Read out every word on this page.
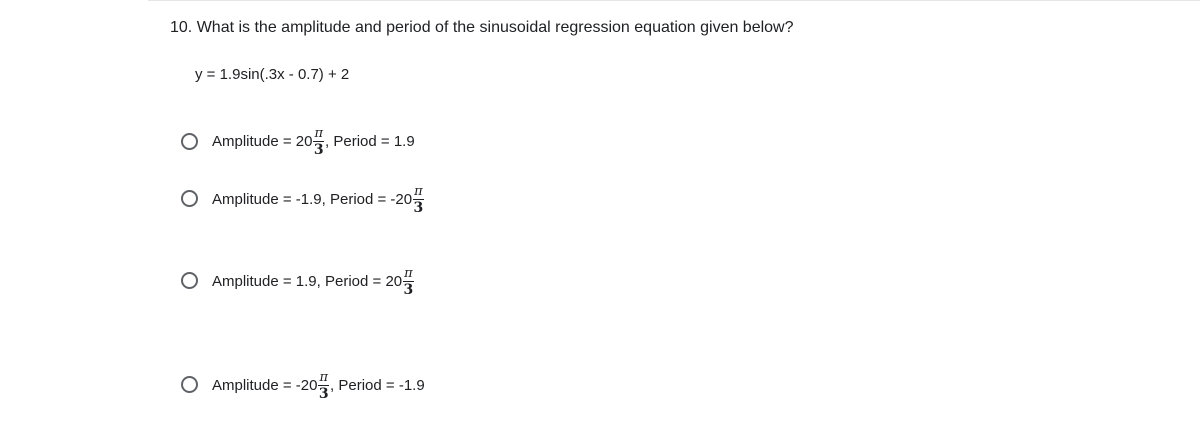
10. What is the amplitude and period of the sinusoidal regression equation given below?
y = 1.9sin(.3x - 0.7) + 2
Amplitude = $20 \frac{\pi}{3}$ , Period = 1.9
Amplitude = -1.9, Period = $-20 \frac{\pi}{3}$
Amplitude = 1.9, Period = $20 \frac{\pi}{3}$
Amplitude = $-20 \frac{\pi}{3}$ , Period = -1.9
